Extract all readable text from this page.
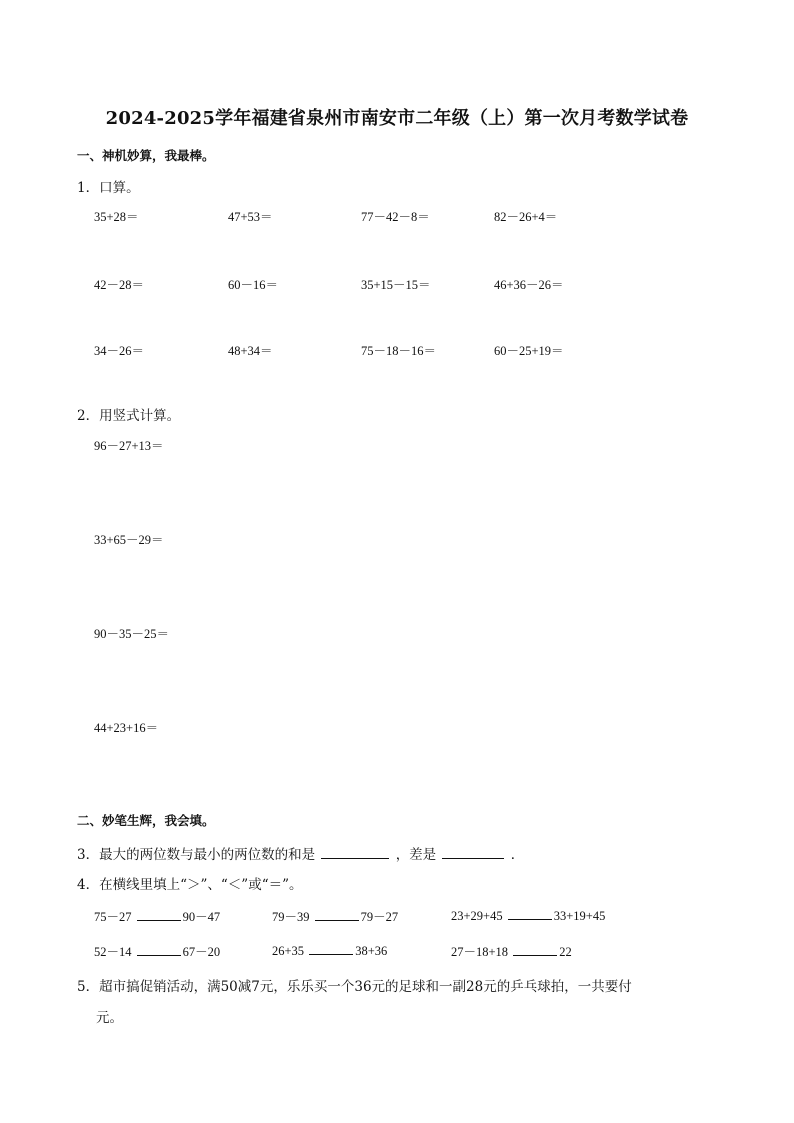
2024-2025学年福建省泉州市南安市二年级（上）第一次月考数学试卷
一、神机妙算，我最棒。
1．口算。
35+28＝	47+53＝	77－42－8＝	82－26+4＝
42－28＝	60－16＝	35+15－15＝	46+36－26＝
34－26＝	48+34＝	75－18－16＝	60－25+19＝
2．用竖式计算。
96－27+13＝
33+65－29＝
90－35－25＝
44+23+16＝
二、妙笔生辉，我会填。
3．最大的两位数与最小的两位数的和是	，差是	．
4．在横线里填上“＞”、“＜”或“＝”。
75－27	90－47	79－39	79－27	23+29+45	33+19+45
52－14	67－20	26+35	38+36	27－18+18	22
5．超市搞促销活动，满50减7元，乐乐买一个36元的足球和一副28元的乒乓球拍，一共要付
元。
